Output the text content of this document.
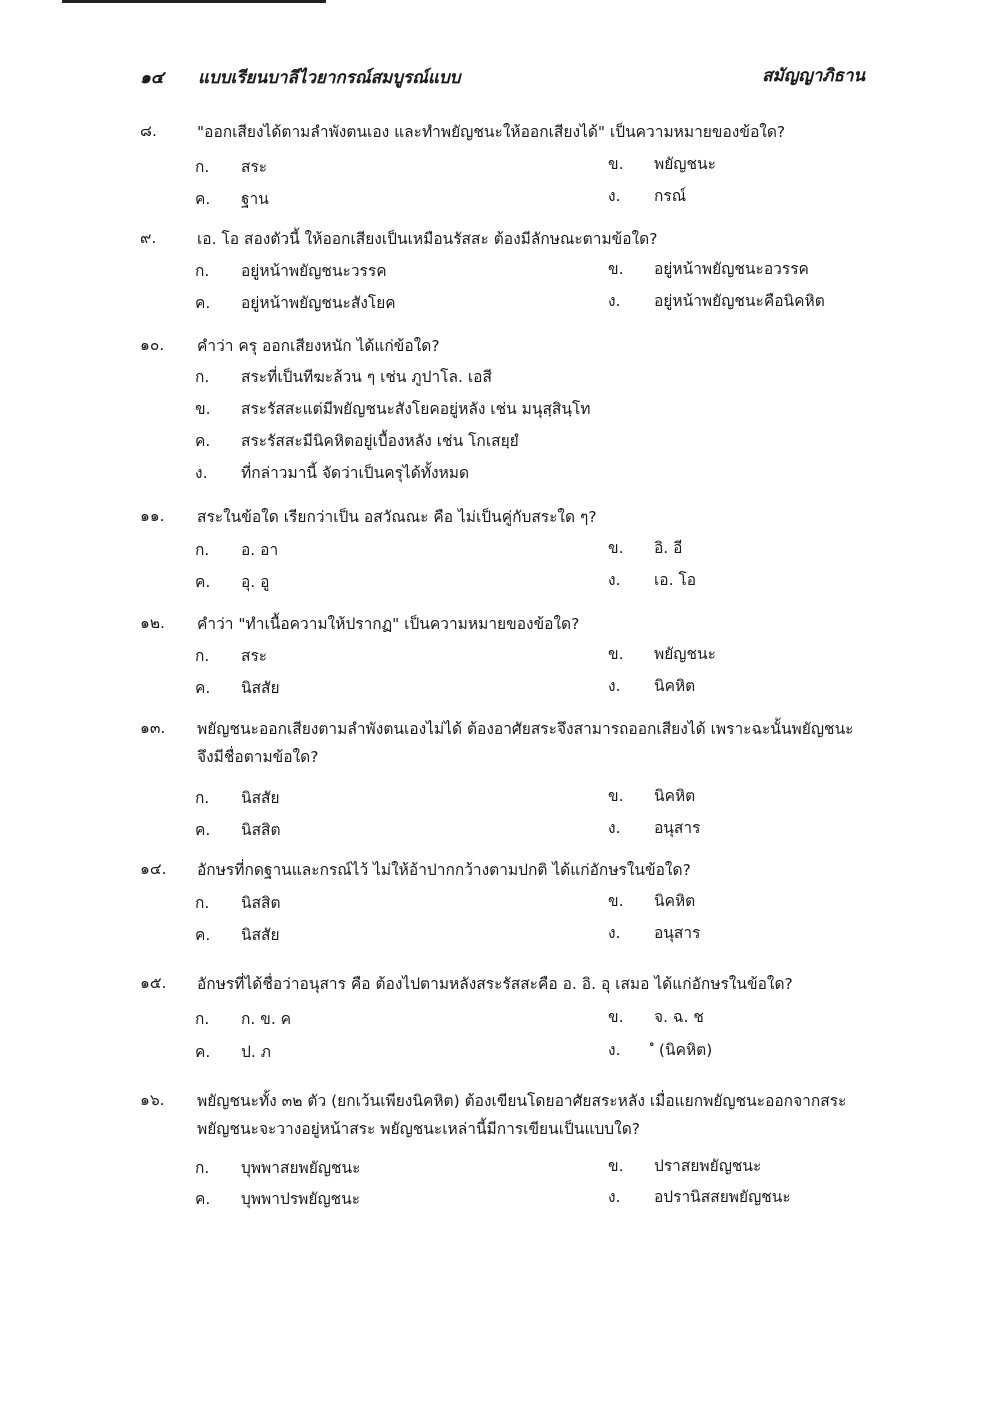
๑๔ แบบเรียนบาลีไวยากรณ์สมบูรณ์แบบ	สมัญญาภิธาน
๘.	"ออกเสียงได้ตามลำพังตนเอง และทำพยัญชนะให้ออกเสียงได้" เป็นความหมายของข้อใด?
ก. สระ	ข. พยัญชนะ
ค. ฐาน	ง. กรณ์
๙.	เอ. โอ สองตัวนี้ ให้ออกเสียงเป็นเหมือนรัสสะ ต้องมีลักษณะตามข้อใด?
ก. อยู่หน้าพยัญชนะวรรค	ข. อยู่หน้าพยัญชนะอวรรค
ค. อยู่หน้าพยัญชนะสังโยค	ง. อยู่หน้าพยัญชนะคือนิคหิต
๑๐. คำว่า ครุ ออกเสียงหนัก ได้แก่ข้อใด?
ก. สระที่เป็นทีฆะล้วน ๆ เช่น ภูปาโล. เอสี
ข. สระรัสสะแต่มีพยัญชนะสังโยคอยู่หลัง เช่น มนุสฺสินฺโท
ค. สระรัสสะมีนิคหิตอยู่เบื้องหลัง เช่น โกเสยฺยํ
ง. ที่กล่าวมานี้ จัดว่าเป็นครุได้ทั้งหมด
๑๑. สระในข้อใด เรียกว่าเป็น อสวัณณะ คือ ไม่เป็นคู่กับสระใด ๆ?
ก. อ. อา	ข. อิ. อี
ค. อุ. อู	ง. เอ. โอ
๑๒. คำว่า "ทำเนื้อความให้ปรากฏ" เป็นความหมายของข้อใด?
ก. สระ	ข. พยัญชนะ
ค. นิสสัย	ง. นิคหิต
๑๓. พยัญชนะออกเสียงตามลำพังตนเองไม่ได้ ต้องอาศัยสระจึงสามารถออกเสียงได้ เพราะฉะนั้นพยัญชนะ
จึงมีชื่อตามข้อใด?
ก. นิสสัย	ข. นิคหิต
ค. นิสสิต	ง. อนุสาร
๑๔. อักษรที่กดฐานและกรณ์ไว้ ไม่ให้อ้าปากกว้างตามปกติ ได้แก่อักษรในข้อใด?
ก. นิสสิต	ข. นิคหิต
ค. นิสสัย	ง. อนุสาร
๑๕. อักษรที่ได้ชื่อว่าอนุสาร คือ ต้องไปตามหลังสระรัสสะคือ อ. อิ. อุ เสมอ ได้แก่อักษรในข้อใด?
ก. ก. ข. ค	ข. จ. ฉ. ช
ค. ป. ภ	ง. ํ (นิคหิต)
๑๖. พยัญชนะทั้ง ๓๒ ตัว (ยกเว้นเพียงนิคหิต) ต้องเขียนโดยอาศัยสระหลัง เมื่อแยกพยัญชนะออกจากสระ
พยัญชนะจะวางอยู่หน้าสระ พยัญชนะเหล่านี้มีการเขียนเป็นแบบใด?
ก. บุพพาสยพยัญชนะ	ข. ปราสยพยัญชนะ
ค. บุพพาปรพยัญชนะ	ง. อปรานิสสยพยัญชนะ
